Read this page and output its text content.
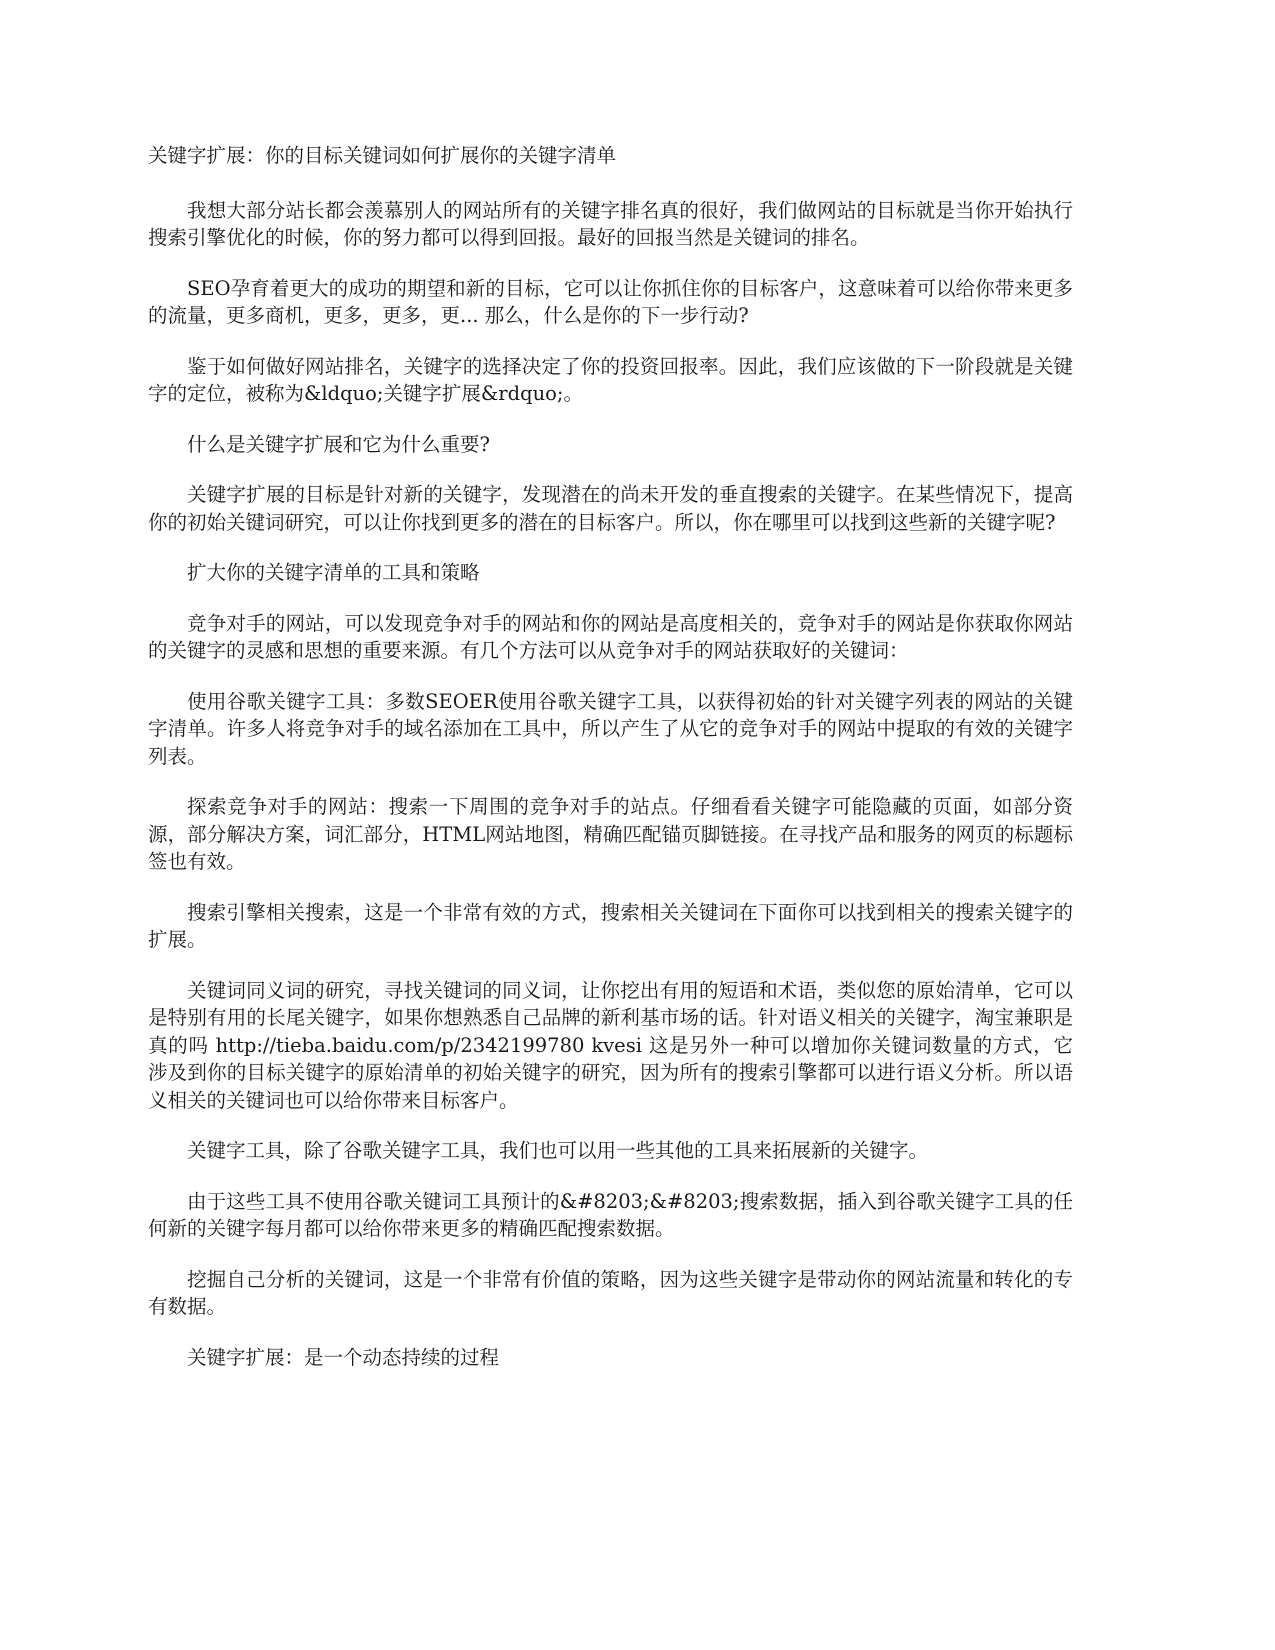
关键字扩展：你的目标关键词如何扩展你的关键字清单

我想大部分站长都会羡慕别人的网站所有的关键字排名真的很好，我们做网站的目标就是当你开始执行搜索引擎优化的时候，你的努力都可以得到回报。最好的回报当然是关键词的排名。

SEO孕育着更大的成功的期望和新的目标，它可以让你抓住你的目标客户，这意味着可以给你带来更多的流量，更多商机，更多，更多，更... 那么，什么是你的下一步行动?

鉴于如何做好网站排名，关键字的选择决定了你的投资回报率。因此，我们应该做的下一阶段就是关键字的定位，被称为&ldquo;关键字扩展&rdquo;。

什么是关键字扩展和它为什么重要?

关键字扩展的目标是针对新的关键字，发现潜在的尚未开发的垂直搜索的关键字。在某些情况下，提高你的初始关键词研究，可以让你找到更多的潜在的目标客户。所以，你在哪里可以找到这些新的关键字呢?

扩大你的关键字清单的工具和策略

竞争对手的网站，可以发现竞争对手的网站和你的网站是高度相关的，竞争对手的网站是你获取你网站的关键字的灵感和思想的重要来源。有几个方法可以从竞争对手的网站获取好的关键词：

使用谷歌关键字工具：多数SEOER使用谷歌关键字工具，以获得初始的针对关键字列表的网站的关键字清单。许多人将竞争对手的域名添加在工具中，所以产生了从它的竞争对手的网站中提取的有效的关键字列表。

探索竞争对手的网站：搜索一下周围的竞争对手的站点。仔细看看关键字可能隐藏的页面，如部分资源，部分解决方案，词汇部分，HTML网站地图，精确匹配锚页脚链接。在寻找产品和服务的网页的标题标签也有效。

搜索引擎相关搜索，这是一个非常有效的方式，搜索相关关键词在下面你可以找到相关的搜索关键字的扩展。

关键词同义词的研究，寻找关键词的同义词，让你挖出有用的短语和术语，类似您的原始清单，它可以是特别有用的长尾关键字，如果你想熟悉自己品牌的新利基市场的话。针对语义相关的关键字，淘宝兼职是真的吗 http://tieba.baidu.com/p/2342199780 kvesi 这是另外一种可以增加你关键词数量的方式，它涉及到你的目标关键字的原始清单的初始关键字的研究，因为所有的搜索引擎都可以进行语义分析。所以语义相关的关键词也可以给你带来目标客户。

关键字工具，除了谷歌关键字工具，我们也可以用一些其他的工具来拓展新的关键字。

由于这些工具不使用谷歌关键词工具预计的&#8203;&#8203;搜索数据，插入到谷歌关键字工具的任何新的关键字每月都可以给你带来更多的精确匹配搜索数据。

挖掘自己分析的关键词，这是一个非常有价值的策略，因为这些关键字是带动你的网站流量和转化的专有数据。

关键字扩展：是一个动态持续的过程
